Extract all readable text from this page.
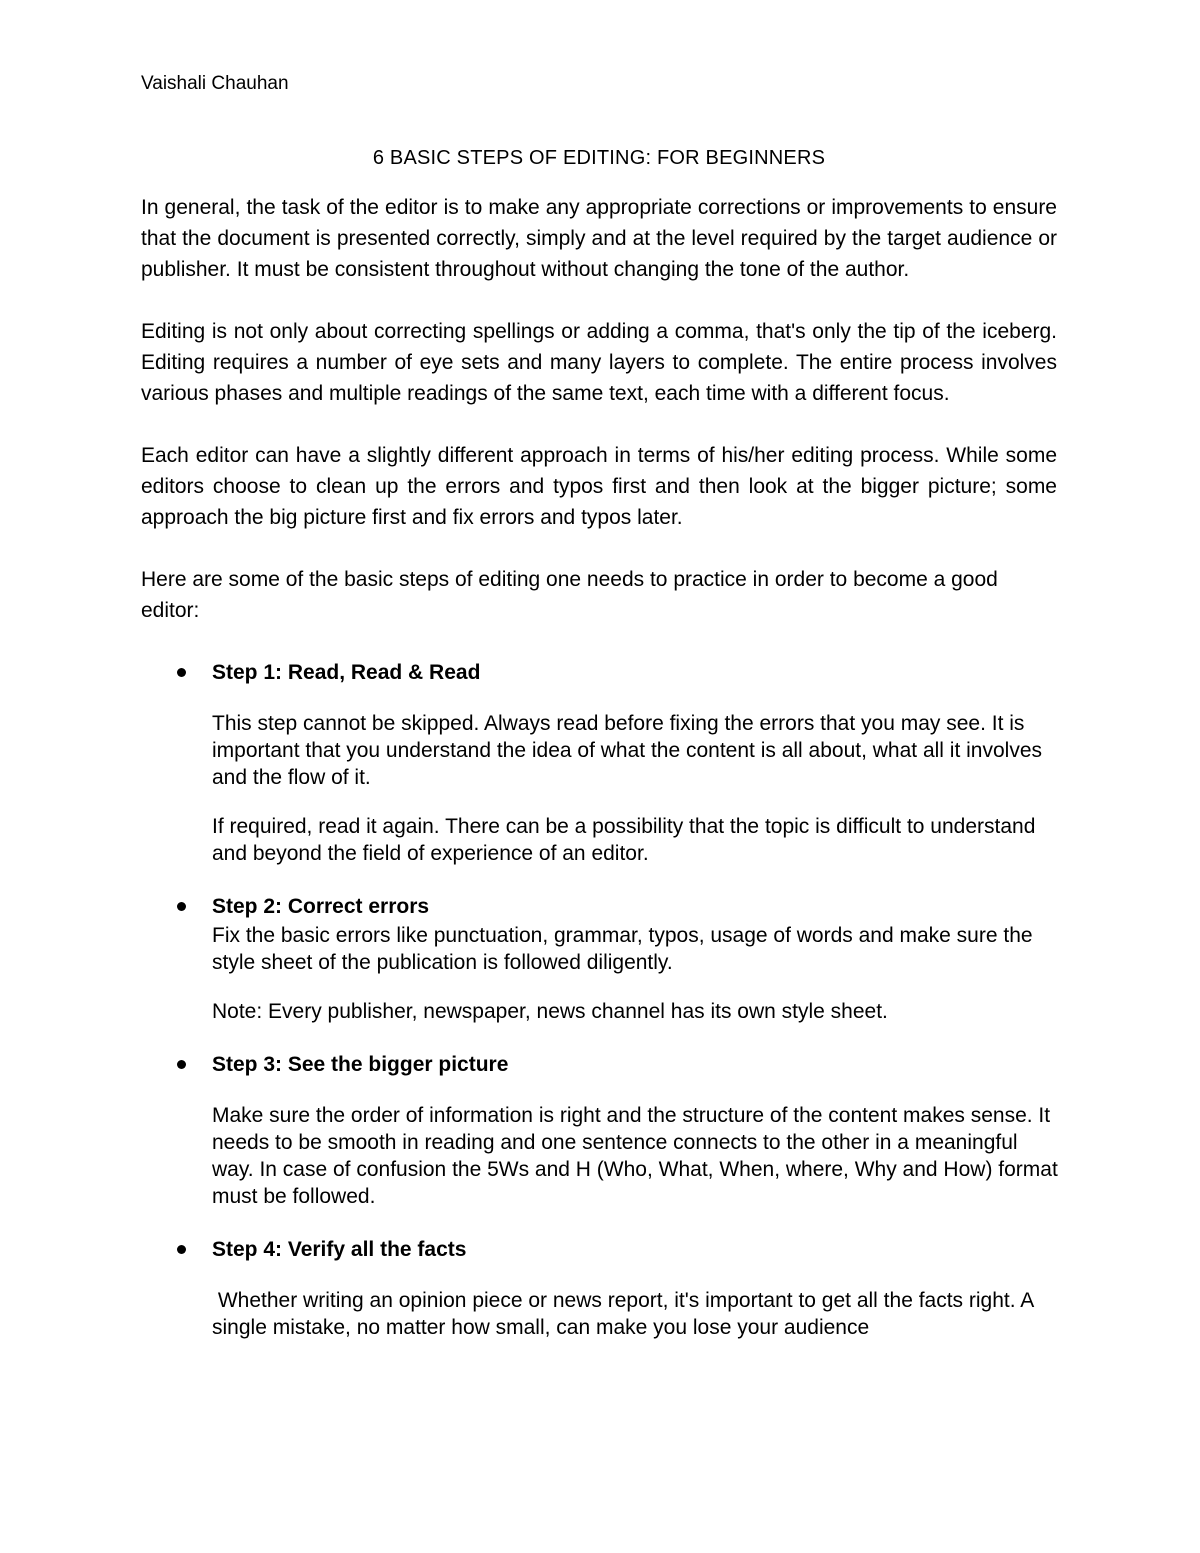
Vaishali Chauhan

6 BASIC STEPS OF EDITING: FOR BEGINNERS

In general, the task of the editor is to make any appropriate corrections or improvements to ensure that the document is presented correctly, simply and at the level required by the target audience or publisher. It must be consistent throughout without changing the tone of the author.

Editing is not only about correcting spellings or adding a comma, that's only the tip of the iceberg. Editing requires a number of eye sets and many layers to complete. The entire process involves various phases and multiple readings of the same text, each time with a different focus.

Each editor can have a slightly different approach in terms of his/her editing process. While some editors choose to clean up the errors and typos first and then look at the bigger picture; some approach the big picture first and fix errors and typos later.

Here are some of the basic steps of editing one needs to practice in order to become a good editor:

Step 1: Read, Read & Read

This step cannot be skipped. Always read before fixing the errors that you may see. It is important that you understand the idea of what the content is all about, what all it involves and the flow of it.

If required, read it again. There can be a possibility that the topic is difficult to understand and beyond the field of experience of an editor.

Step 2: Correct errors

Fix the basic errors like punctuation, grammar, typos, usage of words and make sure the style sheet of the publication is followed diligently.

Note: Every publisher, newspaper, news channel has its own style sheet.

Step 3: See the bigger picture

Make sure the order of information is right and the structure of the content makes sense. It needs to be smooth in reading and one sentence connects to the other in a meaningful way. In case of confusion the 5Ws and H (Who, What, When, where, Why and How) format must be followed.

Step 4: Verify all the facts

Whether writing an opinion piece or news report, it's important to get all the facts right. A single mistake, no matter how small, can make you lose your audience
